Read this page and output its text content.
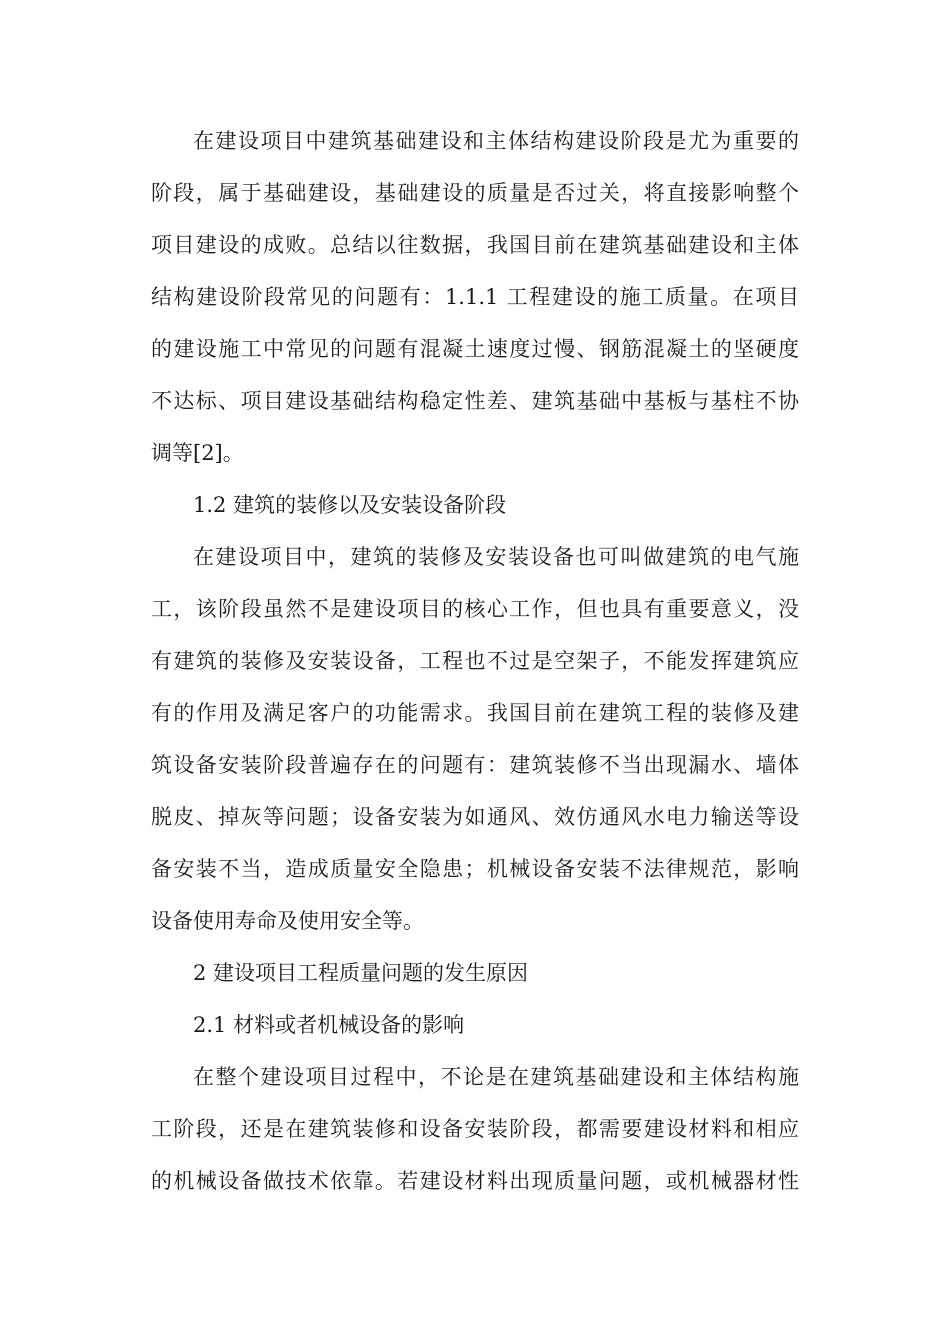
在建设项目中建筑基础建设和主体结构建设阶段是尤为重要的
阶段，属于基础建设，基础建设的质量是否过关，将直接影响整个
项目建设的成败。总结以往数据，我国目前在建筑基础建设和主体
结构建设阶段常见的问题有：1.1.1 工程建设的施工质量。在项目
的建设施工中常见的问题有混凝土速度过慢、钢筋混凝土的坚硬度
不达标、项目建设基础结构稳定性差、建筑基础中基板与基柱不协
调等[2]。
1.2 建筑的装修以及安装设备阶段
在建设项目中，建筑的装修及安装设备也可叫做建筑的电气施
工，该阶段虽然不是建设项目的核心工作，但也具有重要意义，没
有建筑的装修及安装设备，工程也不过是空架子，不能发挥建筑应
有的作用及满足客户的功能需求。我国目前在建筑工程的装修及建
筑设备安装阶段普遍存在的问题有：建筑装修不当出现漏水、墙体
脱皮、掉灰等问题；设备安装为如通风、效仿通风水电力输送等设
备安装不当，造成质量安全隐患；机械设备安装不法律规范，影响
设备使用寿命及使用安全等。
2 建设项目工程质量问题的发生原因
2.1 材料或者机械设备的影响
在整个建设项目过程中，不论是在建筑基础建设和主体结构施
工阶段，还是在建筑装修和设备安装阶段，都需要建设材料和相应
的机械设备做技术依靠。若建设材料出现质量问题，或机械器材性
